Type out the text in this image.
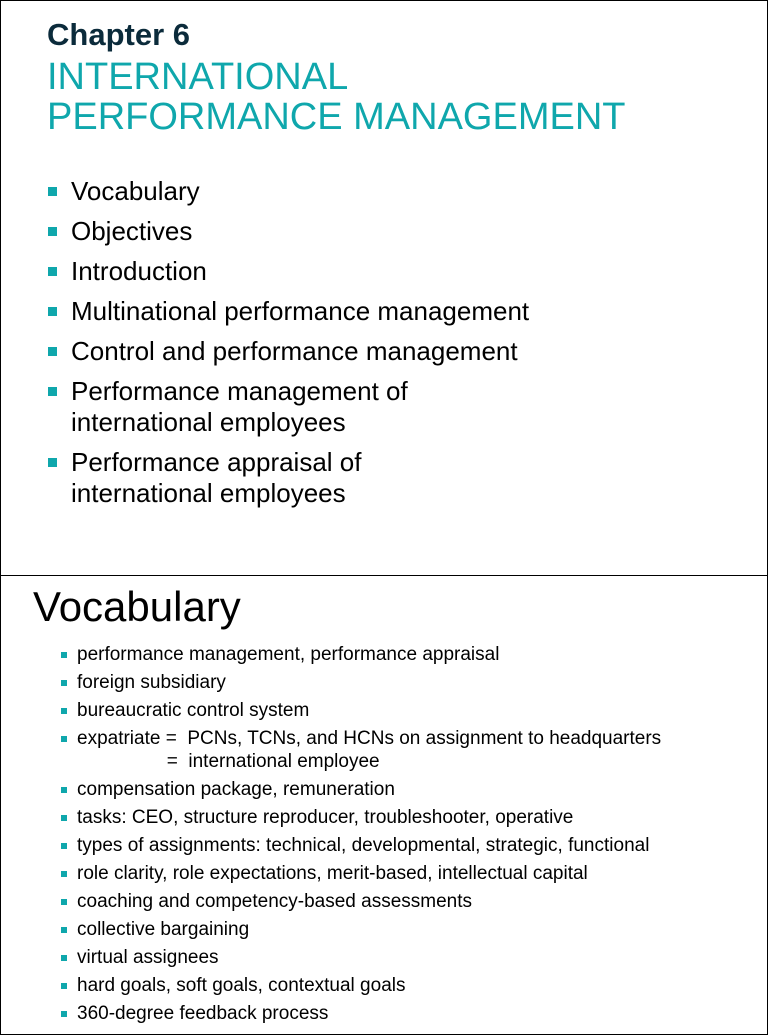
Chapter 6
INTERNATIONAL
PERFORMANCE MANAGEMENT
Vocabulary
Objectives
Introduction
Multinational performance management
Control and performance management
Performance management of
international employees
Performance appraisal of
international employees
Vocabulary
performance management, performance appraisal
foreign subsidiary
bureaucratic control system
expatriate =  PCNs, TCNs, and HCNs on assignment to headquarters
=  international employee
compensation package, remuneration
tasks: CEO, structure reproducer, troubleshooter, operative
types of assignments: technical, developmental, strategic, functional
role clarity, role expectations, merit-based, intellectual capital
coaching and competency-based assessments
collective bargaining
virtual assignees
hard goals, soft goals, contextual goals
360-degree feedback process
